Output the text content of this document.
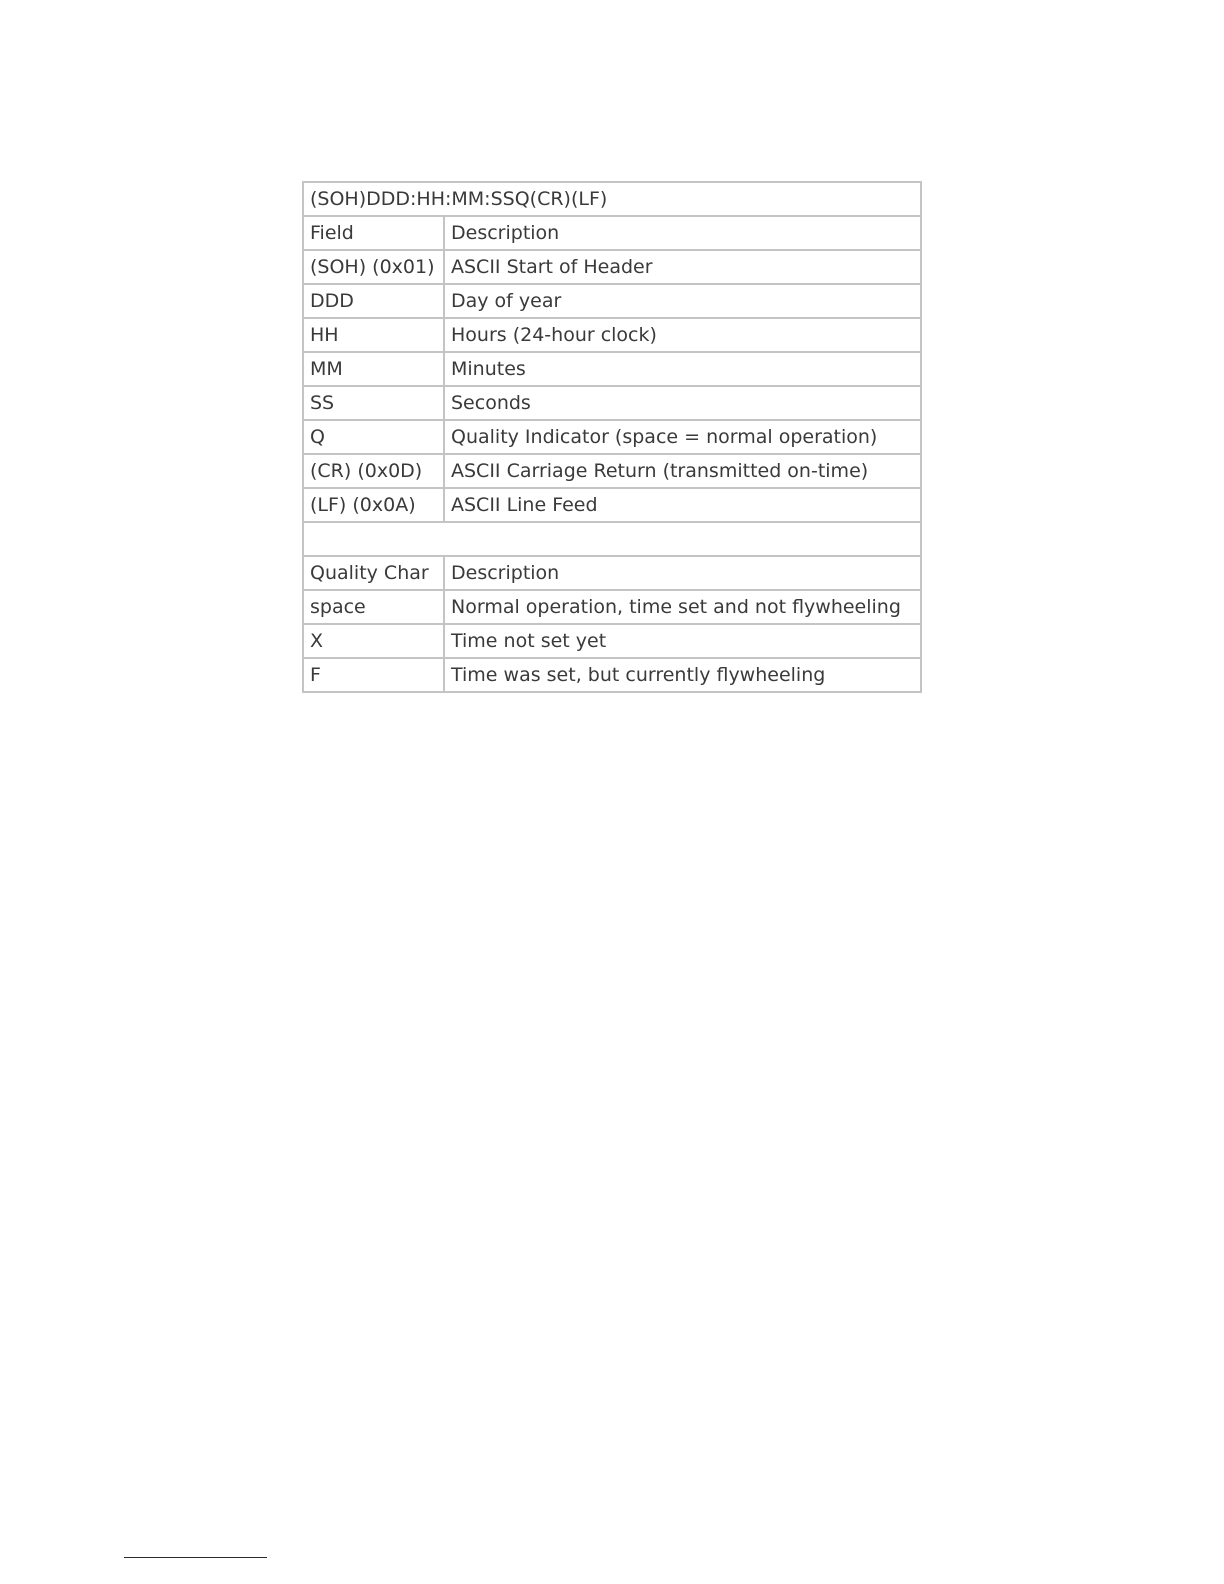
(SOH)DDD:HH:MM:SSQ(CR)(LF)	
Field	Description
(SOH) (0x01)	ASCII Start of Header
DDD	Day of year
HH	Hours (24-hour clock)
MM	Minutes
SS	Seconds
Q	Quality Indicator (space = normal operation)
(CR) (0x0D)	ASCII Carriage Return (transmitted on-time)
(LF) (0x0A)	ASCII Line Feed

Quality Char	Description
space	Normal operation, time set and not flywheeling
X	Time not set yet
F	Time was set, but currently flywheeling
